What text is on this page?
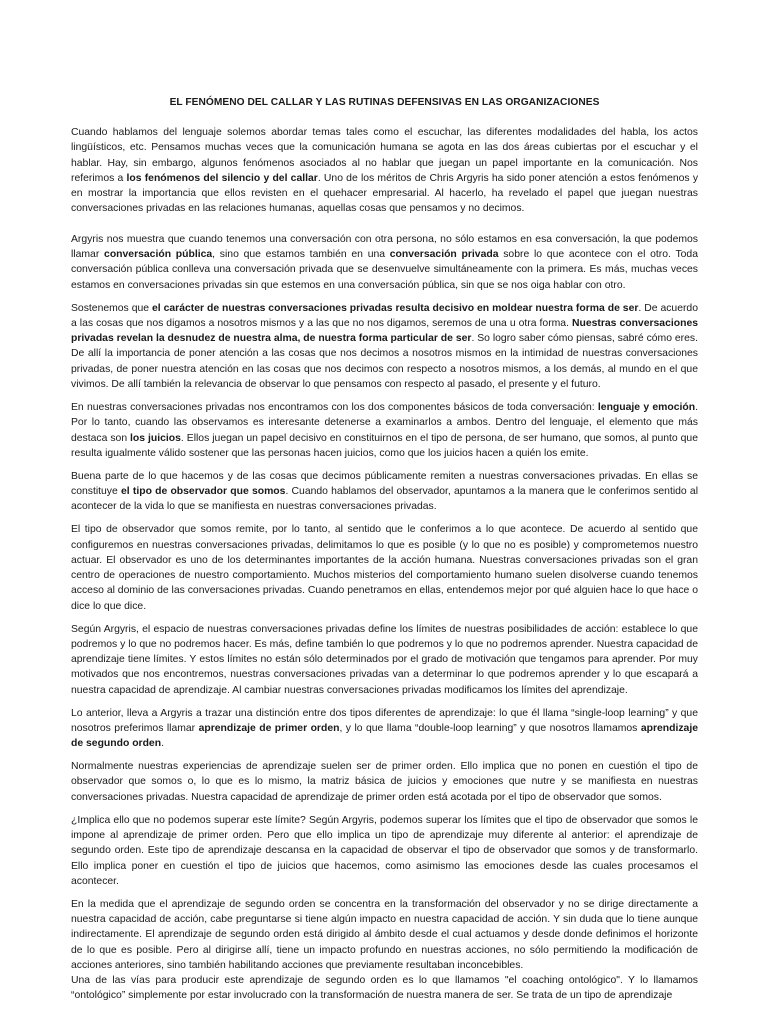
EL FENÓMENO DEL CALLAR Y LAS RUTINAS DEFENSIVAS EN LAS ORGANIZACIONES

Cuando hablamos del lenguaje solemos abordar temas tales como el escuchar, las diferentes modalidades del habla, los actos lingüísticos, etc. Pensamos muchas veces que la comunicación humana se agota en las dos áreas cubiertas por el escuchar y el hablar. Hay, sin embargo, algunos fenómenos asociados al no hablar que juegan un papel importante en la comunicación. Nos referimos a los fenómenos del silencio y del callar. Uno de los méritos de Chris Argyris ha sido poner atención a estos fenómenos y en mostrar la importancia que ellos revisten en el quehacer empresarial. Al hacerlo, ha revelado el papel que juegan nuestras conversaciones privadas en las relaciones humanas, aquellas cosas que pensamos y no decimos.

Argyris nos muestra que cuando tenemos una conversación con otra persona, no sólo estamos en esa conversación, la que podemos llamar conversación pública, sino que estamos también en una conversación privada sobre lo que acontece con el otro. Toda conversación pública conlleva una conversación privada que se desenvuelve simultáneamente con la primera. Es más, muchas veces estamos en conversaciones privadas sin que estemos en una conversación pública, sin que se nos oiga hablar con otro.

Sostenemos que el carácter de nuestras conversaciones privadas resulta decisivo en moldear nuestra forma de ser. De acuerdo a las cosas que nos digamos a nosotros mismos y a las que no nos digamos, seremos de una u otra forma. Nuestras conversaciones privadas revelan la desnudez de nuestra alma, de nuestra forma particular de ser. So logro saber cómo piensas, sabré cómo eres. De allí la importancia de poner atención a las cosas que nos decimos a nosotros mismos en la intimidad de nuestras conversaciones privadas, de poner nuestra atención en las cosas que nos decimos con respecto a nosotros mismos, a los demás, al mundo en el que vivimos. De allí también la relevancia de observar lo que pensamos con respecto al pasado, el presente y el futuro.

En nuestras conversaciones privadas nos encontramos con los dos componentes básicos de toda conversación: lenguaje y emoción. Por lo tanto, cuando las observamos es interesante detenerse a examinarlos a ambos. Dentro del lenguaje, el elemento que más destaca son los juicios. Ellos juegan un papel decisivo en constituirnos en el tipo de persona, de ser humano, que somos, al punto que resulta igualmente válido sostener que las personas hacen juicios, como que los juicios hacen a quién los emite.

Buena parte de lo que hacemos y de las cosas que decimos públicamente remiten a nuestras conversaciones privadas. En ellas se constituye el tipo de observador que somos. Cuando hablamos del observador, apuntamos a la manera que le conferimos sentido al acontecer de la vida lo que se manifiesta en nuestras conversaciones privadas.

El tipo de observador que somos remite, por lo tanto, al sentido que le conferimos a lo que acontece. De acuerdo al sentido que configuremos en nuestras conversaciones privadas, delimitamos lo que es posible (y lo que no es posible) y comprometemos nuestro actuar. El observador es uno de los determinantes importantes de la acción humana. Nuestras conversaciones privadas son el gran centro de operaciones de nuestro comportamiento. Muchos misterios del comportamiento humano suelen disolverse cuando tenemos acceso al dominio de las conversaciones privadas. Cuando penetramos en ellas, entendemos mejor por qué alguien hace lo que hace o dice lo que dice.

Según Argyris, el espacio de nuestras conversaciones privadas define los límites de nuestras posibilidades de acción: establece lo que podremos y lo que no podremos hacer. Es más, define también lo que podremos y lo que no podremos aprender. Nuestra capacidad de aprendizaje tiene límites. Y estos límites no están sólo determinados por el grado de motivación que tengamos para aprender. Por muy motivados que nos encontremos, nuestras conversaciones privadas van a determinar lo que podremos aprender y lo que escapará a nuestra capacidad de aprendizaje. Al cambiar nuestras conversaciones privadas modificamos los límites del aprendizaje.

Lo anterior, lleva a Argyris a trazar una distinción entre dos tipos diferentes de aprendizaje: lo que él llama “single-loop learning” y que nosotros preferimos llamar aprendizaje de primer orden, y lo que llama “double-loop learning” y que nosotros llamamos aprendizaje de segundo orden.

Normalmente nuestras experiencias de aprendizaje suelen ser de primer orden. Ello implica que no ponen en cuestión el tipo de observador que somos o, lo que es lo mismo, la matriz básica de juicios y emociones que nutre y se manifiesta en nuestras conversaciones privadas. Nuestra capacidad de aprendizaje de primer orden está acotada por el tipo de observador que somos.

¿Implica ello que no podemos superar este límite? Según Argyris, podemos superar los límites que el tipo de observador que somos le impone al aprendizaje de primer orden. Pero que ello implica un tipo de aprendizaje muy diferente al anterior: el aprendizaje de segundo orden. Este tipo de aprendizaje descansa en la capacidad de observar el tipo de observador que somos y de transformarlo. Ello implica poner en cuestión el tipo de juicios que hacemos, como asimismo las emociones desde las cuales procesamos el acontecer.

En la medida que el aprendizaje de segundo orden se concentra en la transformación del observador y no se dirige directamente a nuestra capacidad de acción, cabe preguntarse si tiene algún impacto en nuestra capacidad de acción. Y sin duda que lo tiene aunque indirectamente. El aprendizaje de segundo orden está dirigido al ámbito desde el cual actuamos y desde donde definimos el horizonte de lo que es posible. Pero al dirigirse allí, tiene un impacto profundo en nuestras acciones, no sólo permitiendo la modificación de acciones anteriores, sino también habilitando acciones que previamente resultaban inconcebibles.

Una de las vías para producir este aprendizaje de segundo orden es lo que llamamos "el coaching ontológico". Y lo llamamos “ontológico” simplemente por estar involucrado con la transformación de nuestra manera de ser. Se trata de un tipo de aprendizaje
